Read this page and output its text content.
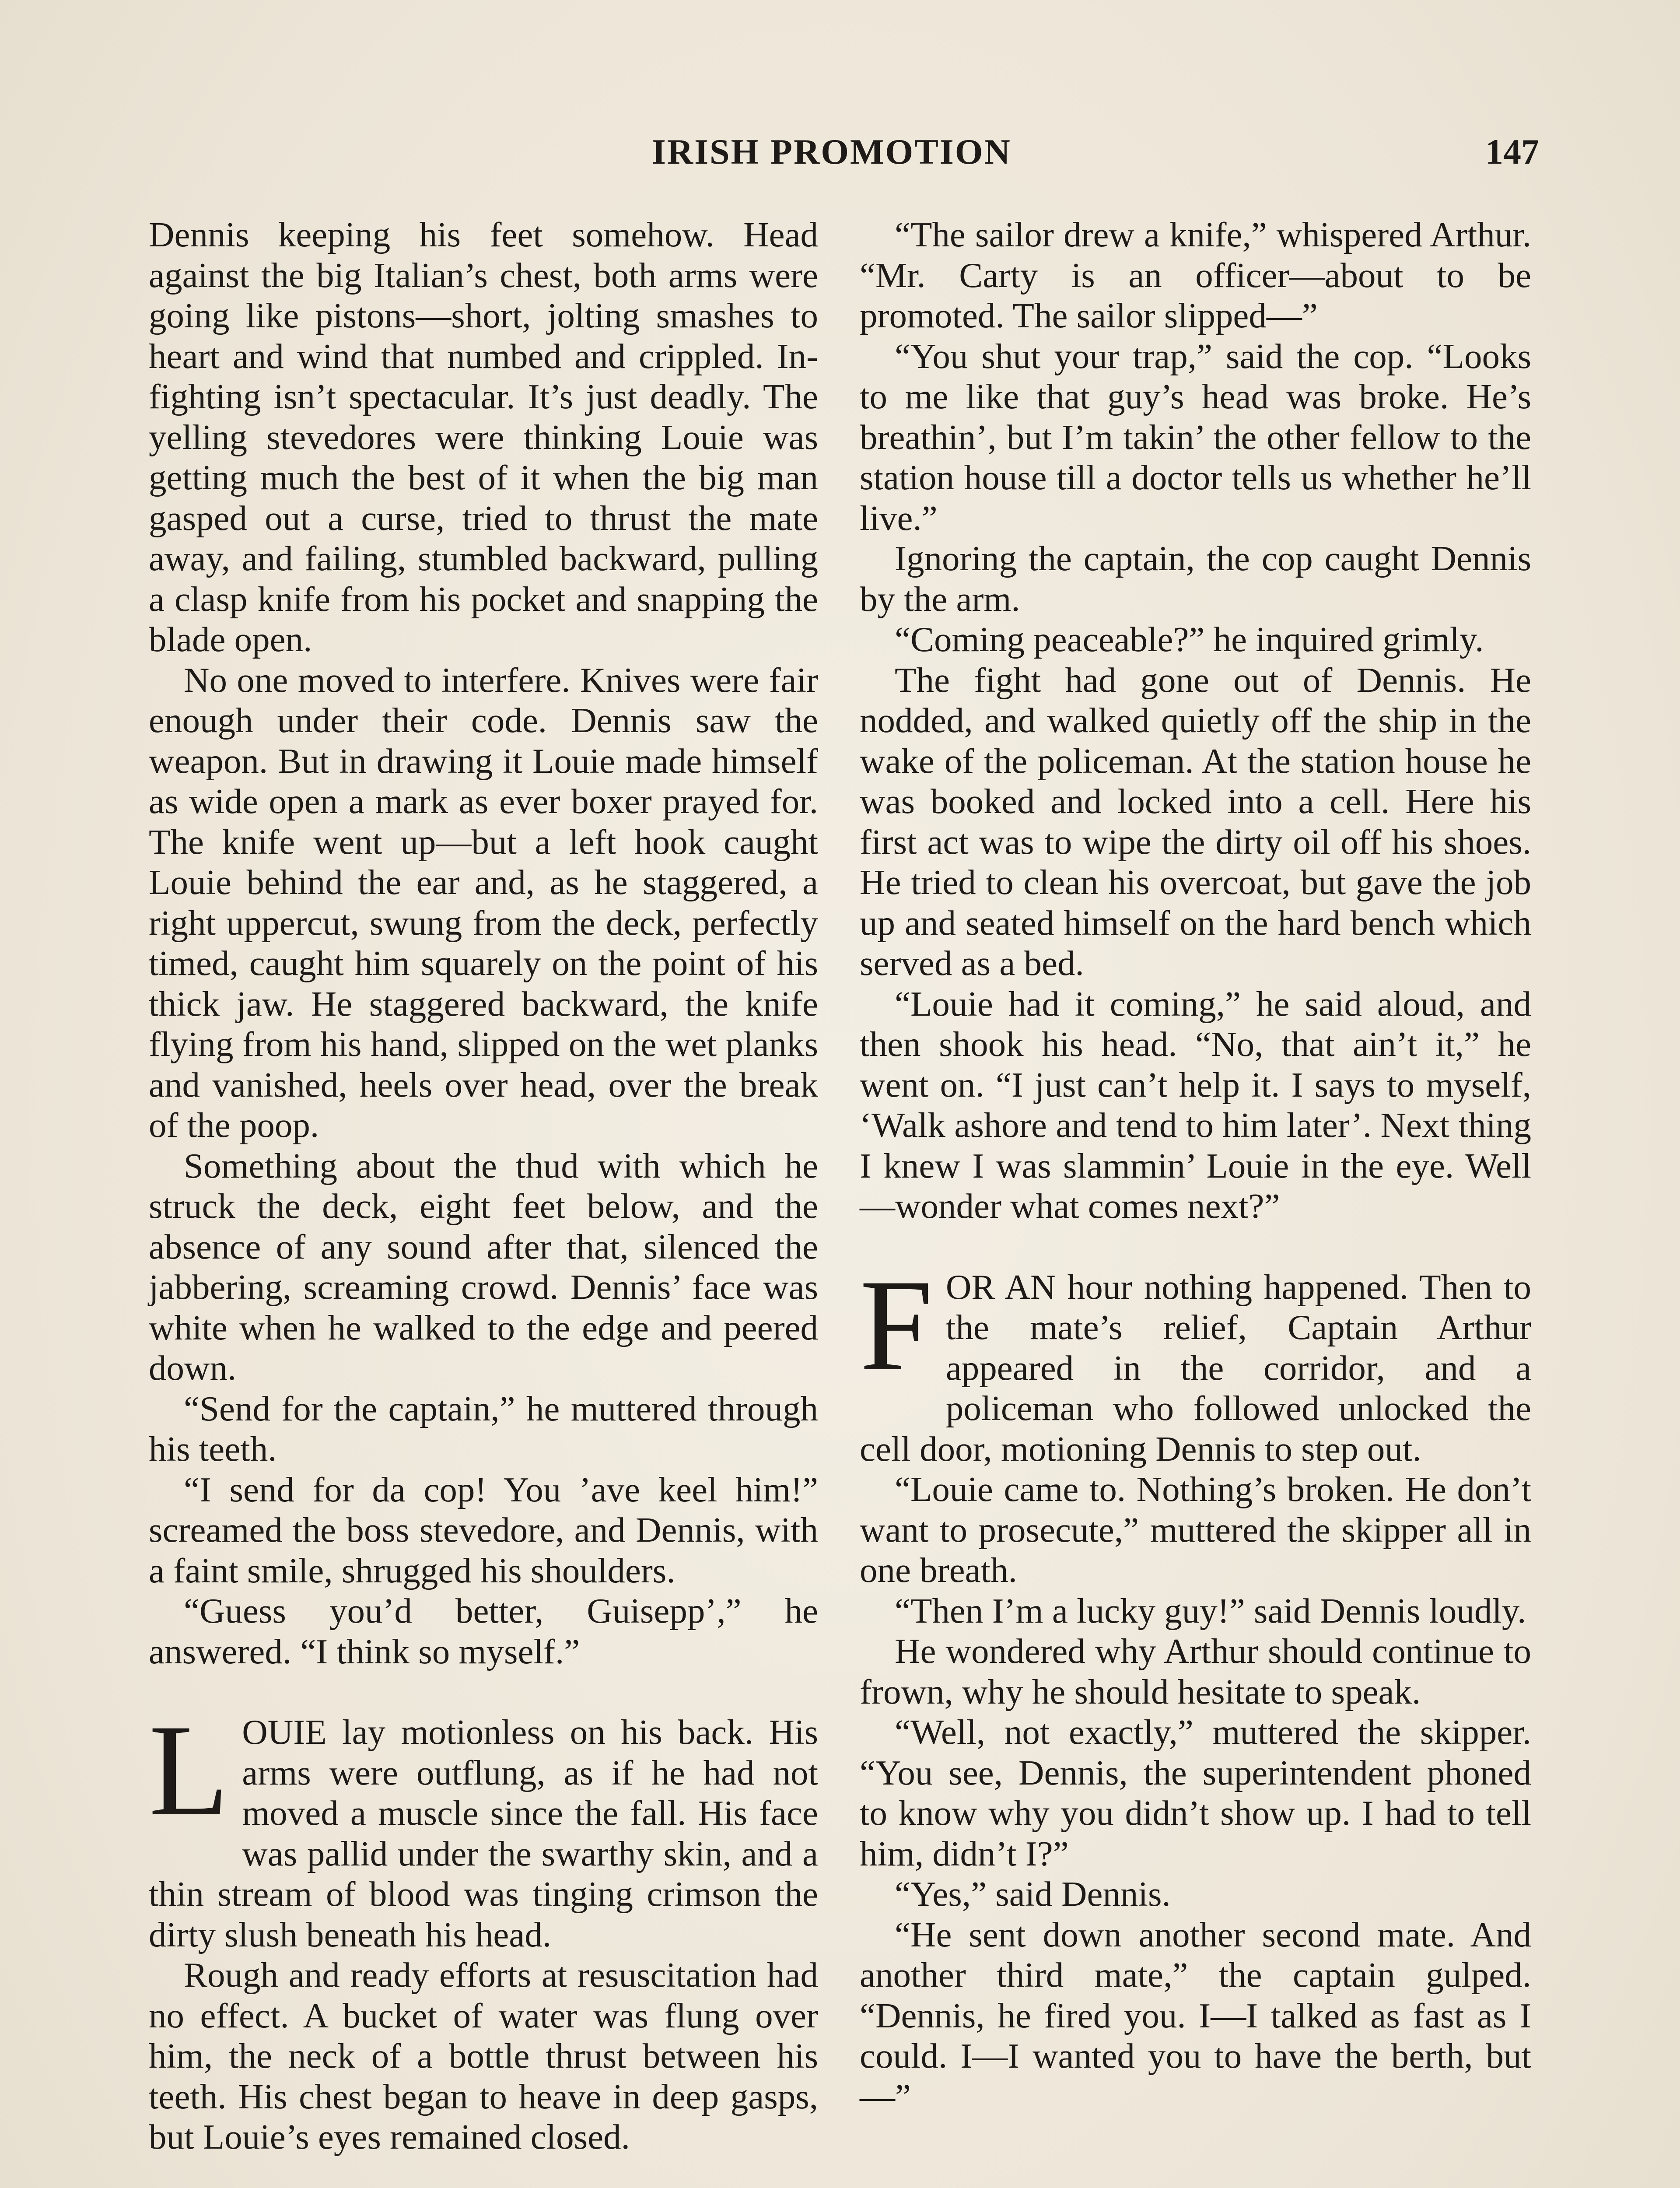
IRISH PROMOTION	147

Dennis keeping his feet somehow. Head against the big Italian’s chest, both arms were going like pistons—short, jolting smashes to heart and wind that numbed and crippled. In-fighting isn’t spectacular. It’s just deadly. The yelling stevedores were thinking Louie was getting much the best of it when the big man gasped out a curse, tried to thrust the mate away, and failing, stumbled backward, pulling a clasp knife from his pocket and snapping the blade open.

No one moved to interfere. Knives were fair enough under their code. Dennis saw the weapon. But in drawing it Louie made himself as wide open a mark as ever boxer prayed for. The knife went up—but a left hook caught Louie behind the ear and, as he staggered, a right uppercut, swung from the deck, perfectly timed, caught him squarely on the point of his thick jaw. He staggered backward, the knife flying from his hand, slipped on the wet planks and vanished, heels over head, over the break of the poop.

Something about the thud with which he struck the deck, eight feet below, and the absence of any sound after that, silenced the jabbering, screaming crowd. Dennis’ face was white when he walked to the edge and peered down.

“Send for the captain,” he muttered through his teeth.

“I send for da cop! You ’ave keel him!” screamed the boss stevedore, and Dennis, with a faint smile, shrugged his shoulders.

“Guess you’d better, Guisepp’,” he answered. “I think so myself.”

LOUIE lay motionless on his back. His arms were outflung, as if he had not moved a muscle since the fall. His face was pallid under the swarthy skin, and a thin stream of blood was tinging crimson the dirty slush beneath his head.

Rough and ready efforts at resuscitation had no effect. A bucket of water was flung over him, the neck of a bottle thrust between his teeth. His chest began to heave in deep gasps, but Louie’s eyes remained closed.

“The sailor drew a knife,” whispered Arthur. “Mr. Carty is an officer—about to be promoted. The sailor slipped—”

“You shut your trap,” said the cop. “Looks to me like that guy’s head was broke. He’s breathin’, but I’m takin’ the other fellow to the station house till a doctor tells us whether he’ll live.”

Ignoring the captain, the cop caught Dennis by the arm.

“Coming peaceable?” he inquired grimly.

The fight had gone out of Dennis. He nodded, and walked quietly off the ship in the wake of the policeman. At the station house he was booked and locked into a cell. Here his first act was to wipe the dirty oil off his shoes. He tried to clean his overcoat, but gave the job up and seated himself on the hard bench which served as a bed.

“Louie had it coming,” he said aloud, and then shook his head. “No, that ain’t it,” he went on. “I just can’t help it. I says to myself, ‘Walk ashore and tend to him later’. Next thing I knew I was slammin’ Louie in the eye. Well—wonder what comes next?”

FOR AN hour nothing happened. Then to the mate’s relief, Captain Arthur appeared in the corridor, and a policeman who followed unlocked the cell door, motioning Dennis to step out.

“Louie came to. Nothing’s broken. He don’t want to prosecute,” muttered the skipper all in one breath.

“Then I’m a lucky guy!” said Dennis loudly.

He wondered why Arthur should continue to frown, why he should hesitate to speak.

“Well, not exactly,” muttered the skipper. “You see, Dennis, the superintendent phoned to know why you didn’t show up. I had to tell him, didn’t I?”

“Yes,” said Dennis.

“He sent down another second mate. And another third mate,” the captain gulped. “Dennis, he fired you. I—I talked as fast as I could. I—I wanted you to have the berth, but—”
